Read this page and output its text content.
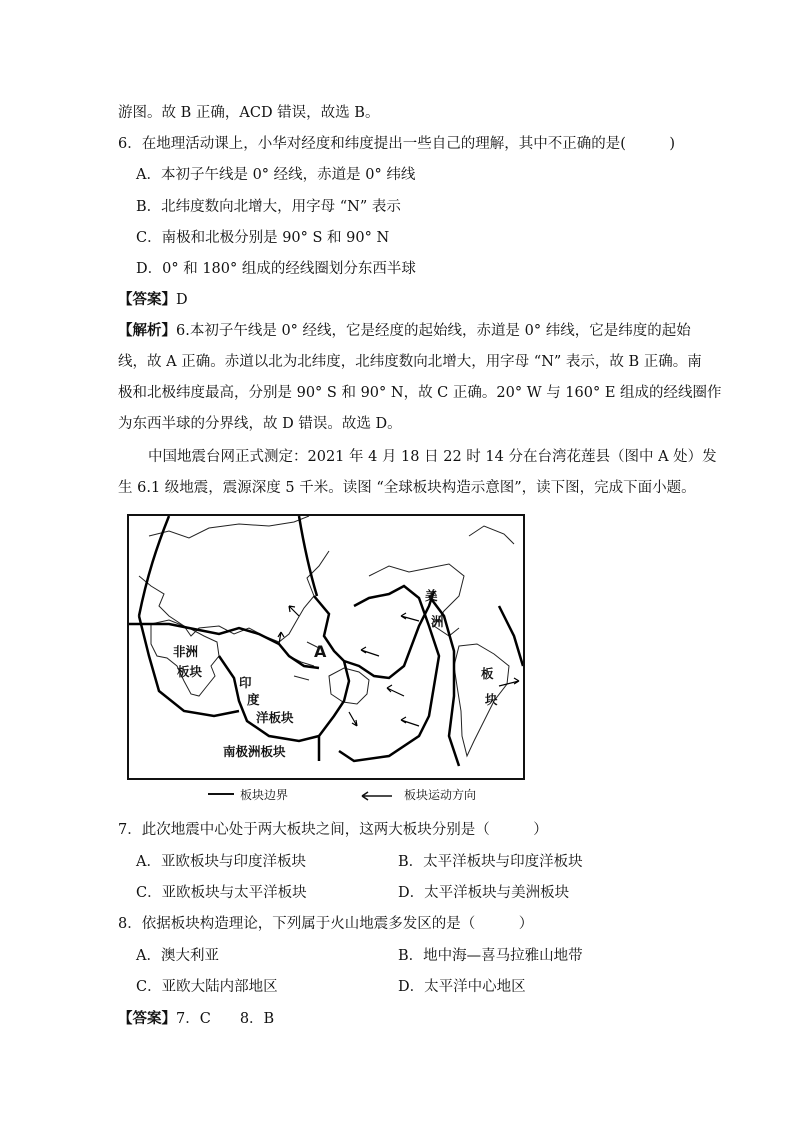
游图。故 B 正确，ACD 错误，故选 B。
6．在地理活动课上，小华对经度和纬度提出一些自己的理解，其中不正确的是(　　　)
A．本初子午线是 0° 经线，赤道是 0° 纬线
B．北纬度数向北增大，用字母 “N” 表示
C．南极和北极分别是 90° S 和 90° N
D．0° 和 180° 组成的经线圈划分东西半球
【答案】D
【解析】6.本初子午线是 0° 经线，它是经度的起始线，赤道是 0° 纬线，它是纬度的起始
线，故 A 正确。赤道以北为北纬度，北纬度数向北增大，用字母 “N” 表示，故 B 正确。南
极和北极纬度最高，分别是 90° S 和 90° N，故 C 正确。20° W 与 160° E 组成的经线圈作
为东西半球的分界线，故 D 错误。故选 D。
中国地震台网正式测定：2021 年 4 月 18 日 22 时 14 分在台湾花莲县（图中 A 处）发
生 6.1 级地震，震源深度 5 千米。读图 “全球板块构造示意图”，读下图，完成下面小题。
非洲
板块
印
度
洋板块
南极洲板块
美
洲
板
块
A
板块边界	板块运动方向
7．此次地震中心处于两大板块之间，这两大板块分别是（　　　）
A．亚欧板块与印度洋板块	B．太平洋板块与印度洋板块
C．亚欧板块与太平洋板块	D．太平洋板块与美洲板块
8．依据板块构造理论，下列属于火山地震多发区的是（　　　）
A．澳大利亚	B．地中海—喜马拉雅山地带
C．亚欧大陆内部地区	D．太平洋中心地区
【答案】7．C　　8．B
